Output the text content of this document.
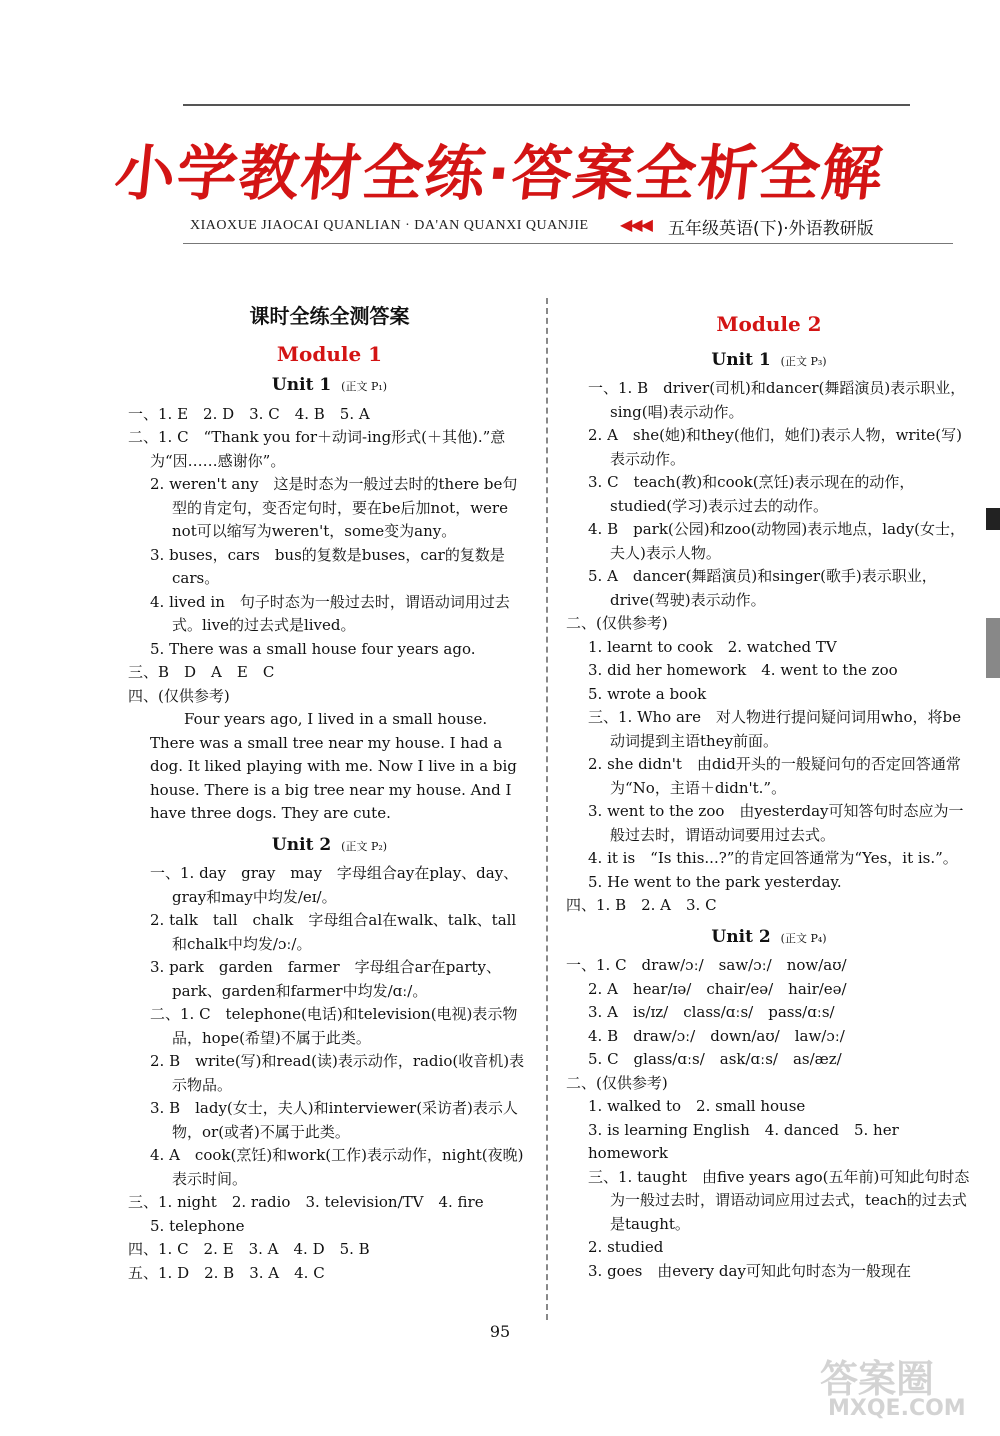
小学教材全练·答案全析全解
XIAOXUE JIAOCAI QUANLIAN · DA'AN QUANXI QUANJIE ◀◀◀ 五年级英语(下)·外语教研版
课时全练全测答案
Module 1
Unit 1 (正文 P₁)

一、1. E　2. D　3. C　4. B　5. A

二、1. C　“Thank you for＋动词-ing形式(＋其他).”意为“因……感谢你”。

2. weren't any　这是时态为一般过去时的there be句型的肯定句，变否定句时，要在be后加not，were not可以缩写为weren't，some变为any。

3. buses，cars　bus的复数是buses，car的复数是cars。

4. lived in　句子时态为一般过去时，谓语动词用过去式。live的过去式是lived。

5. There was a small house four years ago.

三、B　D　A　E　C

四、(仅供参考)

Four years ago, I lived in a small house. There was a small tree near my house. I had a dog. It liked playing with me. Now I live in a big house. There is a big tree near my house. And I have three dogs. They are cute.

Unit 2 (正文 P₂)

一、1. day　gray　may　字母组合ay在play、day、gray和may中均发/eɪ/。

2. talk　tall　chalk　字母组合al在walk、talk、tall和chalk中均发/ɔː/。

3. park　garden　farmer　字母组合ar在party、park、garden和farmer中均发/ɑː/。

二、1. C　telephone(电话)和television(电视)表示物品，hope(希望)不属于此类。

2. B　write(写)和read(读)表示动作，radio(收音机)表示物品。

3. B　lady(女士，夫人)和interviewer(采访者)表示人物，or(或者)不属于此类。

4. A　cook(烹饪)和work(工作)表示动作，night(夜晚)表示时间。

三、1. night　2. radio　3. television/TV　4. fire

5. telephone

四、1. C　2. E　3. A　4. D　5. B

五、1. D　2. B　3. A　4. C

Module 2
Unit 1 (正文 P₃)

一、1. B　driver(司机)和dancer(舞蹈演员)表示职业，sing(唱)表示动作。

2. A　she(她)和they(他们，她们)表示人物，write(写)表示动作。

3. C　teach(教)和cook(烹饪)表示现在的动作，studied(学习)表示过去的动作。

4. B　park(公园)和zoo(动物园)表示地点，lady(女士，夫人)表示人物。

5. A　dancer(舞蹈演员)和singer(歌手)表示职业，drive(驾驶)表示动作。

二、(仅供参考)

1. learnt to cook　2. watched TV

3. did her homework　4. went to the zoo

5. wrote a book

三、1. Who are　对人物进行提问疑问词用who，将be动词提到主语they前面。

2. she didn't　由did开头的一般疑问句的否定回答通常为“No，主语＋didn't.”。

3. went to the zoo　由yesterday可知答句时态应为一般过去时，谓语动词要用过去式。

4. it is　“Is this...?”的肯定回答通常为“Yes，it is.”。

5. He went to the park yesterday.

四、1. B　2. A　3. C

Unit 2 (正文 P₄)

一、1. C　draw/ɔː/　saw/ɔː/　now/aʊ/

2. A　hear/ɪə/　chair/eə/　hair/eə/

3. A　is/ɪz/　class/ɑːs/　pass/ɑːs/

4. B　draw/ɔː/　down/aʊ/　law/ɔː/

5. C　glass/ɑːs/　ask/ɑːs/　as/æz/

二、(仅供参考)

1. walked to　2. small house

3. is learning English　4. danced　5. her homework

三、1. taught　由five years ago(五年前)可知此句时态为一般过去时，谓语动词应用过去式，teach的过去式是taught。

2. studied

3. goes　由every day可知此句时态为一般现在

95
答案圈
MXQE.COM
